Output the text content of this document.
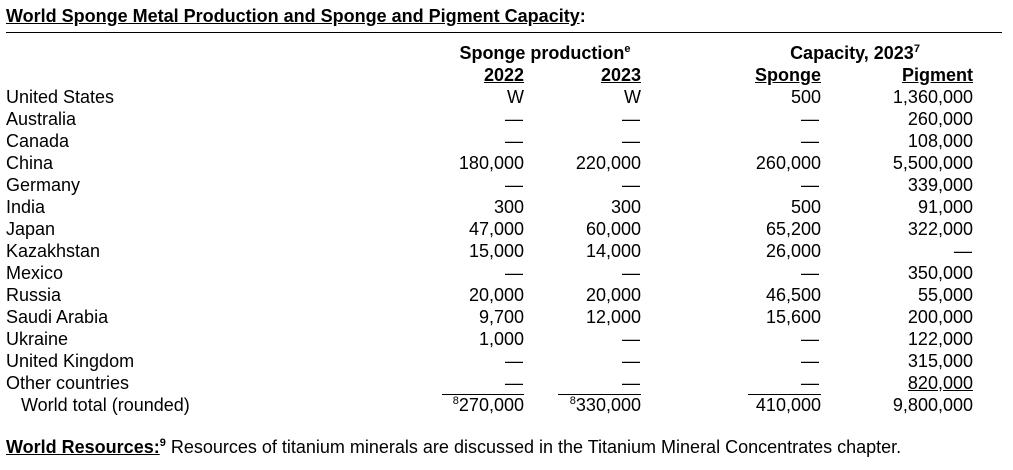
World Sponge Metal Production and Sponge and Pigment Capacity:
Sponge production$^e$	Capacity, 2023$^7$
2022	2023	Sponge	Pigment
United States	W	W	500	1,360,000
Australia	—	—	—	260,000
Canada	—	—	—	108,000
China	180,000	220,000	260,000	5,500,000
Germany	—	—	—	339,000
India	300	300	500	91,000
Japan	47,000	60,000	65,200	322,000
Kazakhstan	15,000	14,000	26,000	—
Mexico	—	—	—	350,000
Russia	20,000	20,000	46,500	55,000
Saudi Arabia	9,700	12,000	15,600	200,000
Ukraine	1,000	—	—	122,000
United Kingdom	—	—	—	315,000
Other countries	—	—	—	820,000
World total (rounded)	$^8$270,000	$^8$330,000	410,000	9,800,000
World Resources:$^9$ Resources of titanium minerals are discussed in the Titanium Mineral Concentrates chapter.
